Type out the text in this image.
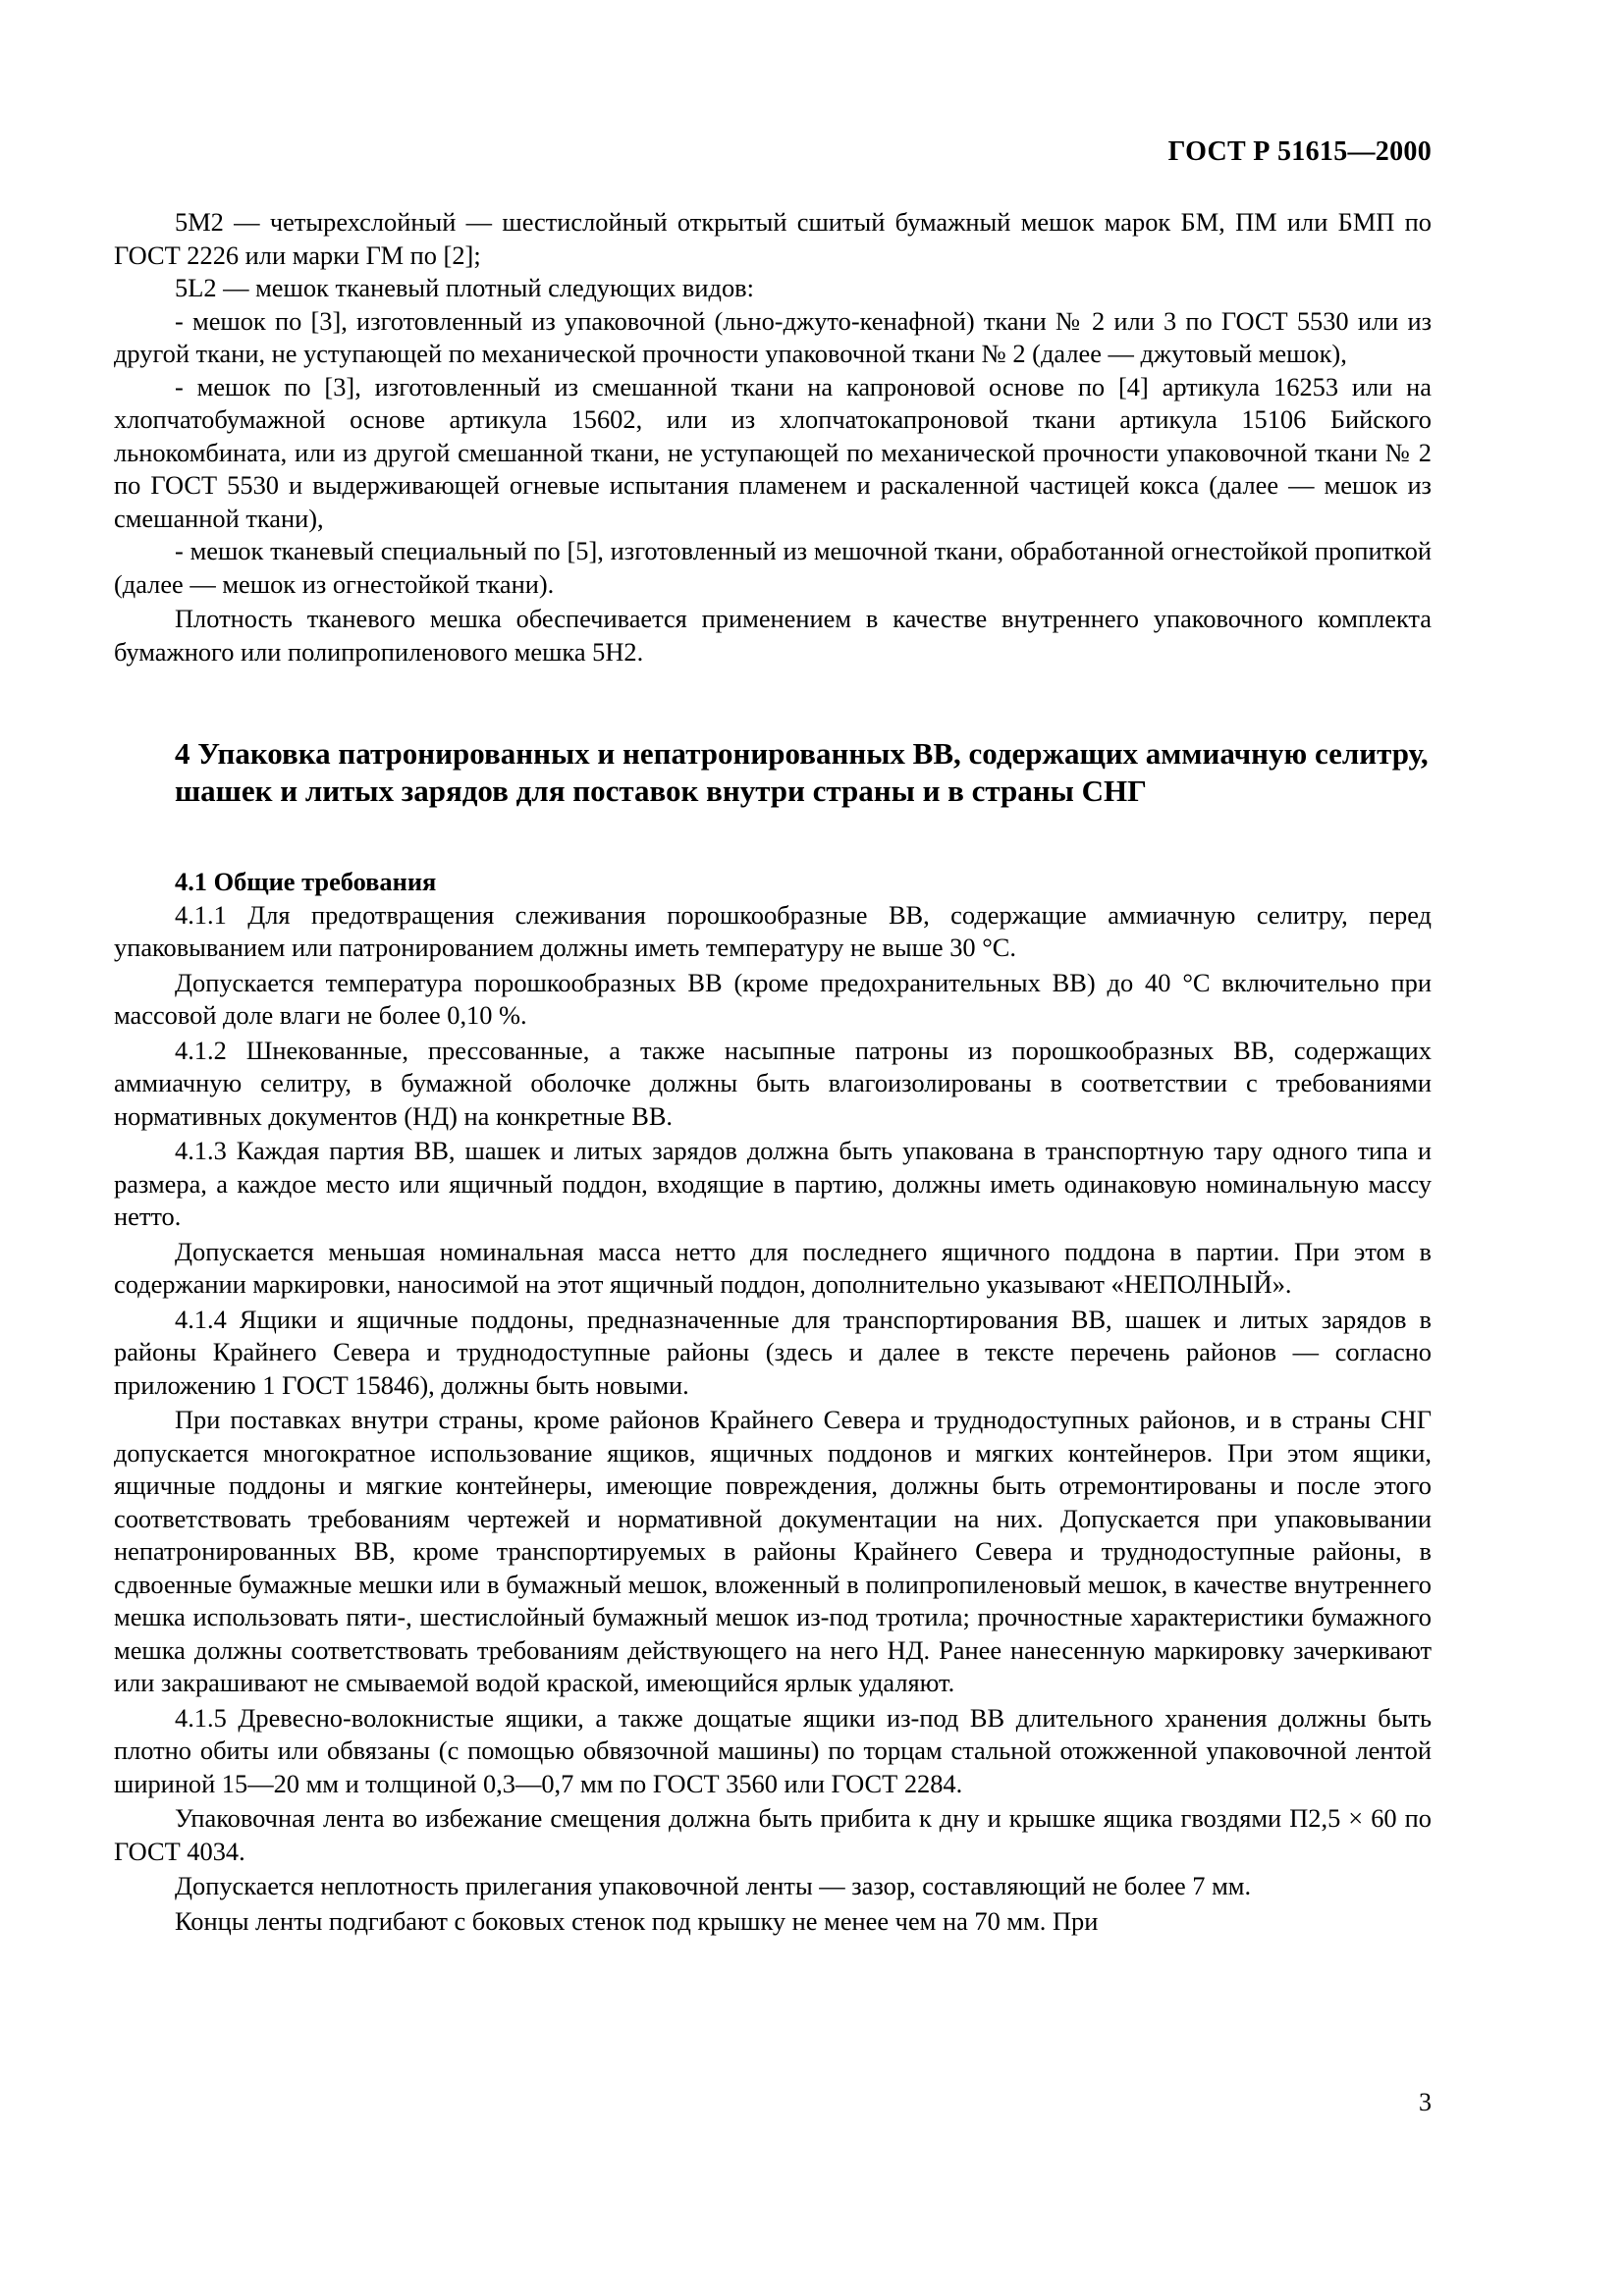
ГОСТ Р 51615—2000

5М2 — четырехслойный — шестислойный открытый сшитый бумажный мешок марок БМ, ПМ или БМП по ГОСТ 2226 или марки ГМ по [2];

5L2 — мешок тканевый плотный следующих видов:

- мешок по [3], изготовленный из упаковочной (льно-джуто-кенафной) ткани № 2 или 3 по ГОСТ 5530 или из другой ткани, не уступающей по механической прочности упаковочной ткани № 2 (далее — джутовый мешок),

- мешок по [3], изготовленный из смешанной ткани на капроновой основе по [4] артикула 16253 или на хлопчатобумажной основе артикула 15602, или из хлопчатокапроновой ткани артикула 15106 Бийского льнокомбината, или из другой смешанной ткани, не уступающей по механической прочности упаковочной ткани № 2 по ГОСТ 5530 и выдерживающей огневые испытания пламенем и раскаленной частицей кокса (далее — мешок из смешанной ткани),

- мешок тканевый специальный по [5], изготовленный из мешочной ткани, обработанной огнестойкой пропиткой (далее — мешок из огнестойкой ткани).

Плотность тканевого мешка обеспечивается применением в качестве внутреннего упаковочного комплекта бумажного или полипропиленового мешка 5Н2.

4 Упаковка патронированных и непатронированных ВВ, содержащих аммиачную селитру, шашек и литых зарядов для поставок внутри страны и в страны СНГ
4.1 Общие требования

4.1.1 Для предотвращения слеживания порошкообразные ВВ, содержащие аммиачную селитру, перед упаковыванием или патронированием должны иметь температуру не выше 30 °С.

Допускается температура порошкообразных ВВ (кроме предохранительных ВВ) до 40 °С включительно при массовой доле влаги не более 0,10 %.

4.1.2 Шнекованные, прессованные, а также насыпные патроны из порошкообразных ВВ, содержащих аммиачную селитру, в бумажной оболочке должны быть влагоизолированы в соответствии с требованиями нормативных документов (НД) на конкретные ВВ.

4.1.3 Каждая партия ВВ, шашек и литых зарядов должна быть упакована в транспортную тару одного типа и размера, а каждое место или ящичный поддон, входящие в партию, должны иметь одинаковую номинальную массу нетто.

Допускается меньшая номинальная масса нетто для последнего ящичного поддона в партии. При этом в содержании маркировки, наносимой на этот ящичный поддон, дополнительно указывают «НЕПОЛНЫЙ».

4.1.4 Ящики и ящичные поддоны, предназначенные для транспортирования ВВ, шашек и литых зарядов в районы Крайнего Севера и труднодоступные районы (здесь и далее в тексте перечень районов — согласно приложению 1 ГОСТ 15846), должны быть новыми.

При поставках внутри страны, кроме районов Крайнего Севера и труднодоступных районов, и в страны СНГ допускается многократное использование ящиков, ящичных поддонов и мягких контейнеров. При этом ящики, ящичные поддоны и мягкие контейнеры, имеющие повреждения, должны быть отремонтированы и после этого соответствовать требованиям чертежей и нормативной документации на них. Допускается при упаковывании непатронированных ВВ, кроме транспортируемых в районы Крайнего Севера и труднодоступные районы, в сдвоенные бумажные мешки или в бумажный мешок, вложенный в полипропиленовый мешок, в качестве внутреннего мешка использовать пяти-, шестислойный бумажный мешок из-под тротила; прочностные характеристики бумажного мешка должны соответствовать требованиям действующего на него НД. Ранее нанесенную маркировку зачеркивают или закрашивают не смываемой водой краской, имеющийся ярлык удаляют.

4.1.5 Древесно-волокнистые ящики, а также дощатые ящики из-под ВВ длительного хранения должны быть плотно обиты или обвязаны (с помощью обвязочной машины) по торцам стальной отожженной упаковочной лентой шириной 15—20 мм и толщиной 0,3—0,7 мм по ГОСТ 3560 или ГОСТ 2284.

Упаковочная лента во избежание смещения должна быть прибита к дну и крышке ящика гвоздями П2,5 × 60 по ГОСТ 4034.

Допускается неплотность прилегания упаковочной ленты — зазор, составляющий не более 7 мм.

Концы ленты подгибают с боковых стенок под крышку не менее чем на 70 мм. При

3
